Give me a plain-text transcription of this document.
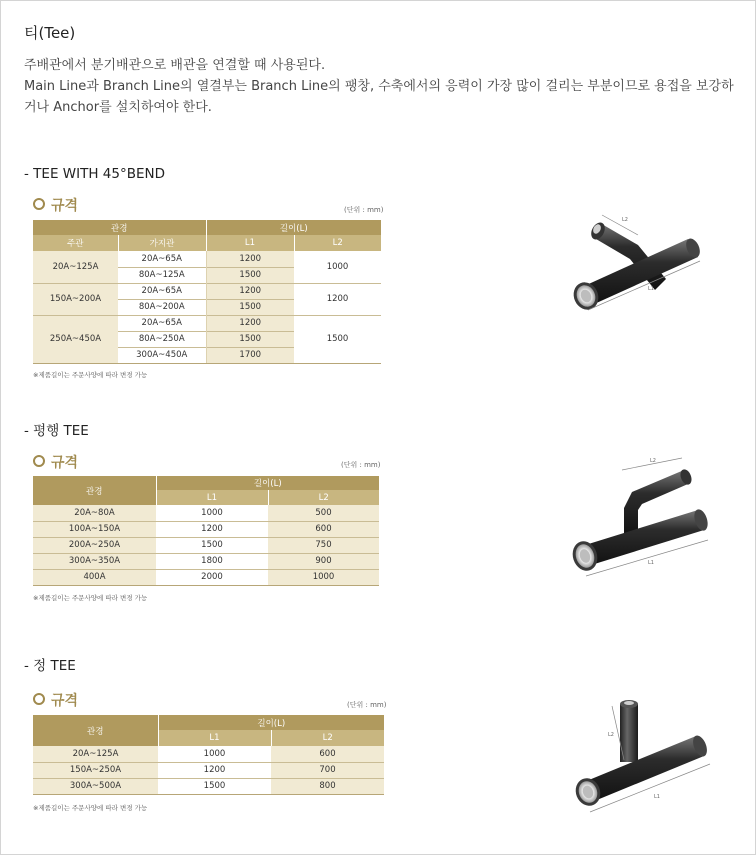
티(Tee)
주배관에서 분기배관으로 배관을 연결할 때 사용된다.
Main Line과 Branch Line의 열결부는 Branch Line의 팽창, 수축에서의 응력이 가장 많이 걸리는 부분이므로 용접을 보강하거나 Anchor를 설치하여야 한다.
- TEE WITH 45°BEND
규격	(단위 : mm)
관경		길이(L)	
주관	가지관	L1	L2
20A~125A	20A~65A	1200	1000
	80A~125A	1500	
150A~200A	20A~65A	1200	1200
	80A~200A	1500	
250A~450A	20A~65A	1200	1500
	80A~250A	1500	
	300A~450A	1700	
※제품길이는 주문사양에 따라 변경 가능
L2
L1
- 평행 TEE
규격	(단위 : mm)
관경	길이(L)	
	L1	L2
20A~80A	1000	500
100A~150A	1200	600
200A~250A	1500	750
300A~350A	1800	900
400A	2000	1000
※제품길이는 주문사양에 따라 변경 가능
L2
L1
- 정 TEE
규격	(단위 : mm)
관경	길이(L)	
	L1	L2
20A~125A	1000	600
150A~250A	1200	700
300A~500A	1500	800
※제품길이는 주문사양에 따라 변경 가능
L2
L1
